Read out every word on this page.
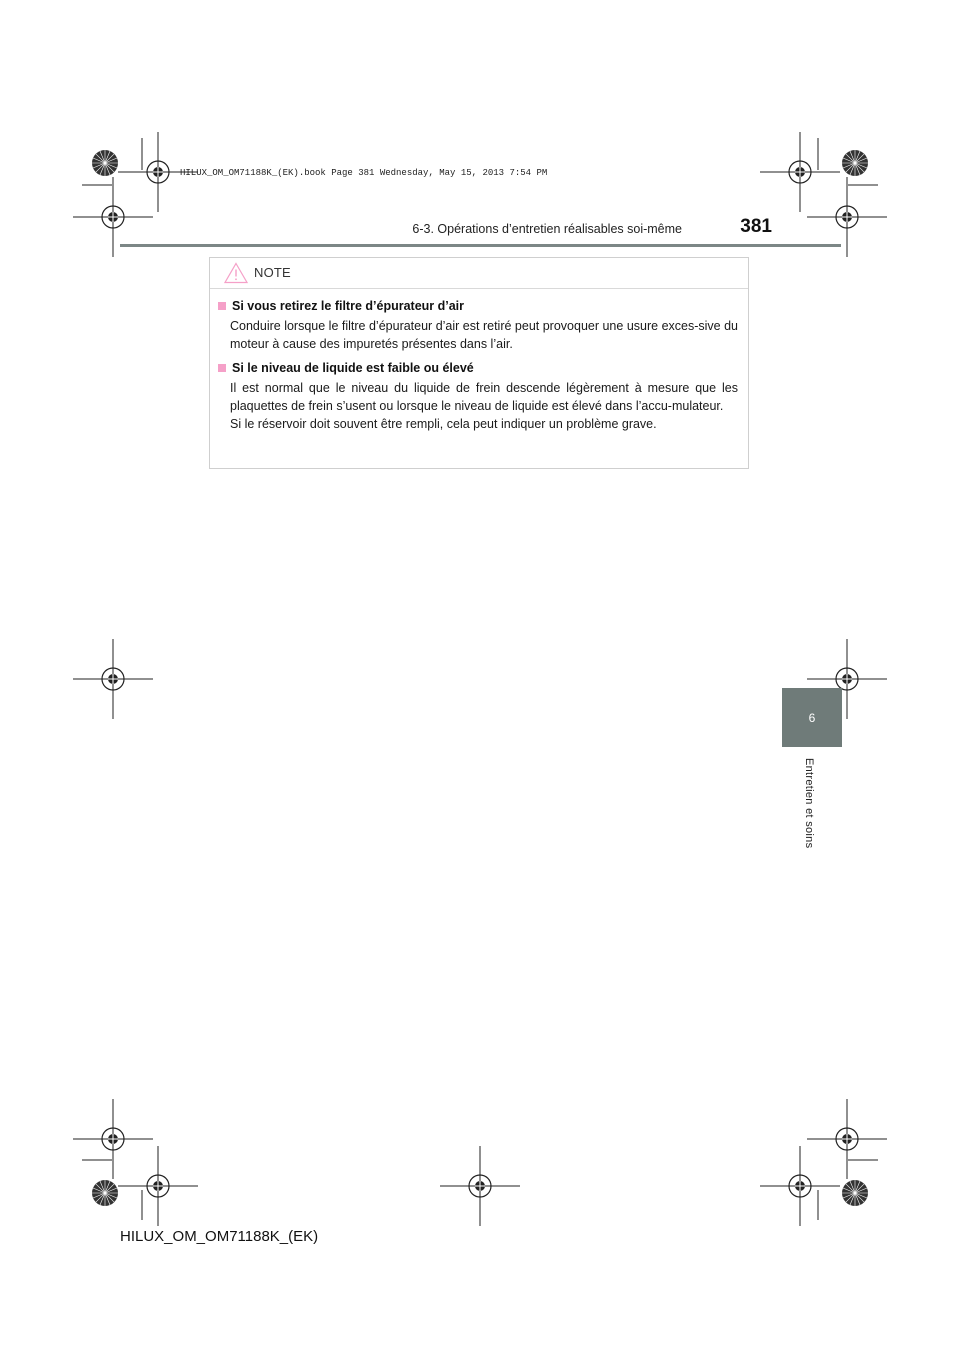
HILUX_OM_OM71188K_(EK).book Page 381 Wednesday, May 15, 2013 7:54 PM
6-3. Opérations d’entretien réalisables soi-même	381
NOTE
Si vous retirez le filtre d’épurateur d’air

Conduire lorsque le filtre d’épurateur d’air est retiré peut provoquer une usure exces-sive du moteur à cause des impuretés présentes dans l’air.

Si le niveau de liquide est faible ou élevé

Il est normal que le niveau du liquide de frein descende légèrement à mesure que les plaquettes de frein s’usent ou lorsque le niveau de liquide est élevé dans l’accu-mulateur.

Si le réservoir doit souvent être rempli, cela peut indiquer un problème grave.

6
Entretien et soins
HILUX_OM_OM71188K_(EK)
